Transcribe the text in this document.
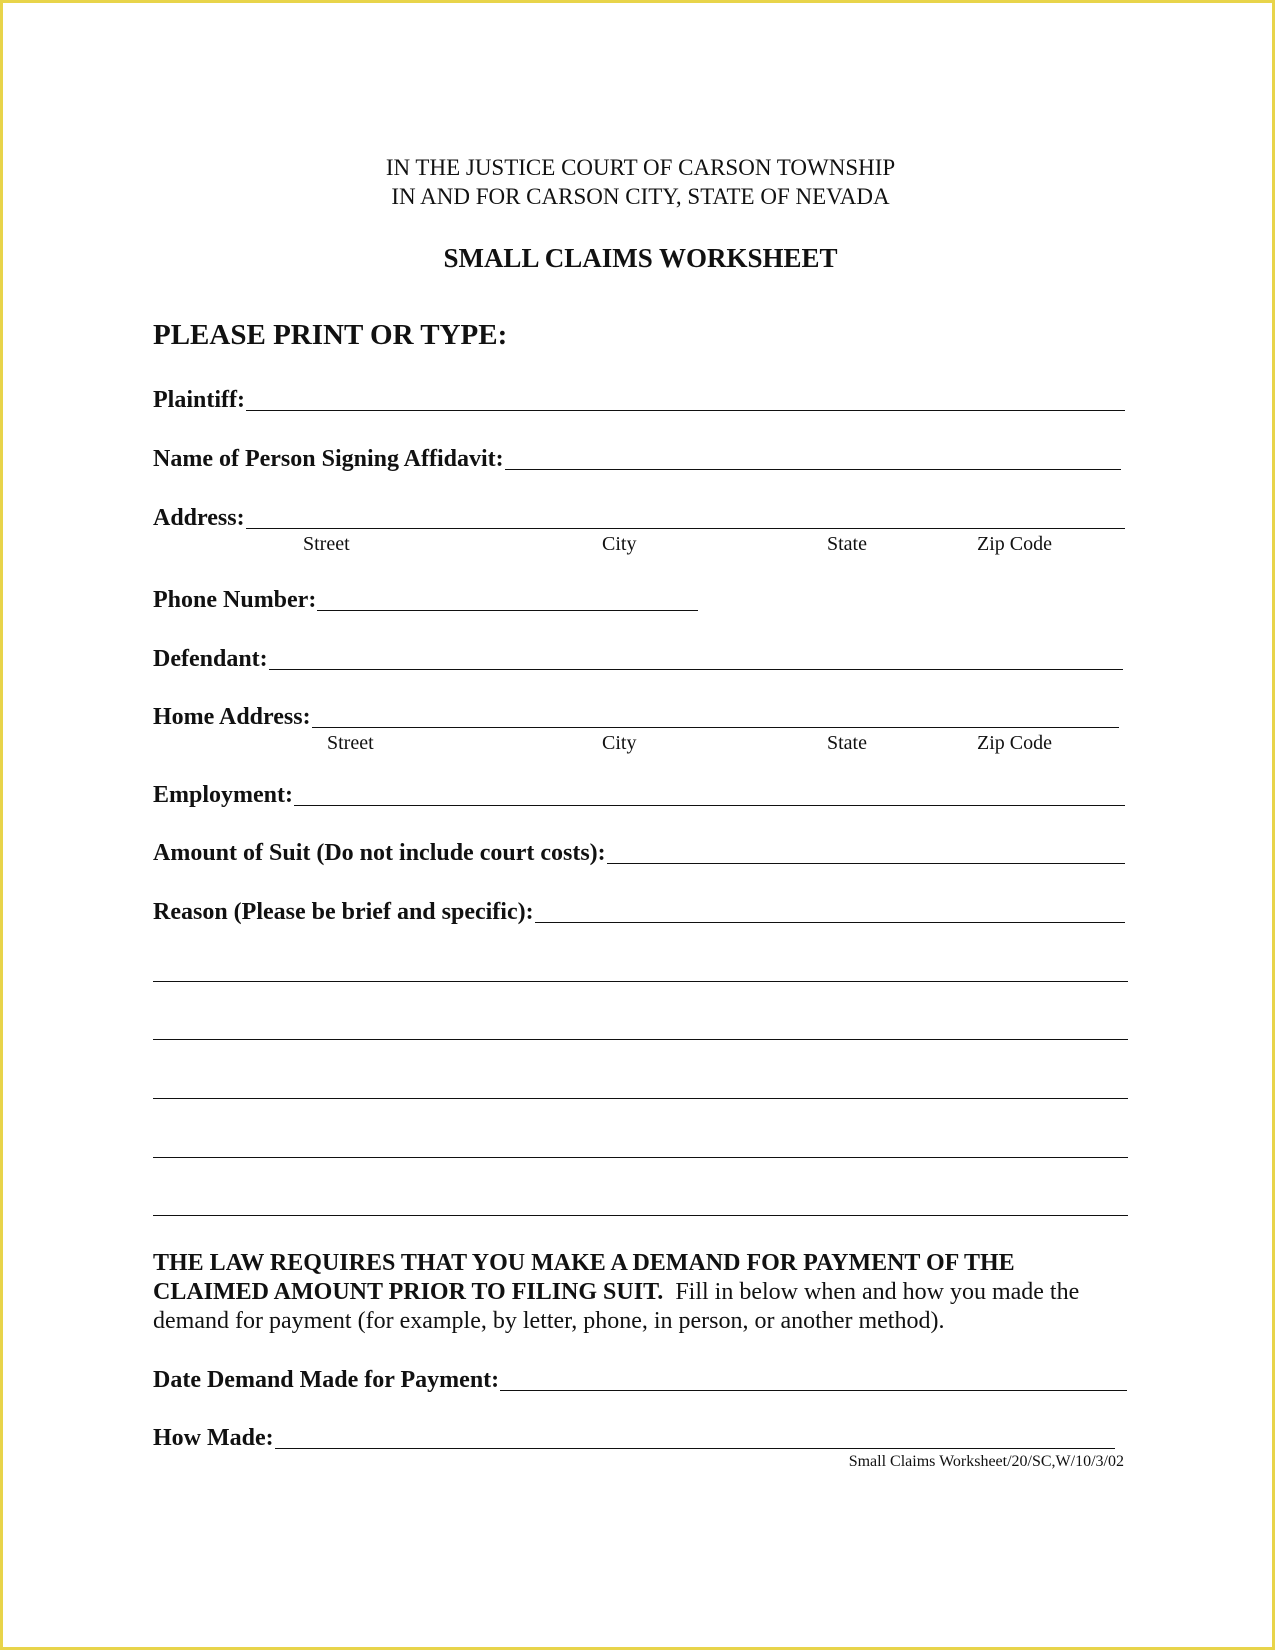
IN THE JUSTICE COURT OF CARSON TOWNSHIP
IN AND FOR CARSON CITY, STATE OF NEVADA
SMALL CLAIMS WORKSHEET
PLEASE PRINT OR TYPE:
Plaintiff:
Name of Person Signing Affidavit:
Address:
Street	City	State	Zip Code
Phone Number:
Defendant:
Home Address:
Street	City	State	Zip Code
Employment:
Amount of Suit (Do not include court costs):
Reason (Please be brief and specific):
THE LAW REQUIRES THAT YOU MAKE A DEMAND FOR PAYMENT OF THE CLAIMED AMOUNT PRIOR TO FILING SUIT. Fill in below when and how you made the demand for payment (for example, by letter, phone, in person, or another method).
Date Demand Made for Payment:
How Made:
Small Claims Worksheet/20/SC,W/10/3/02
